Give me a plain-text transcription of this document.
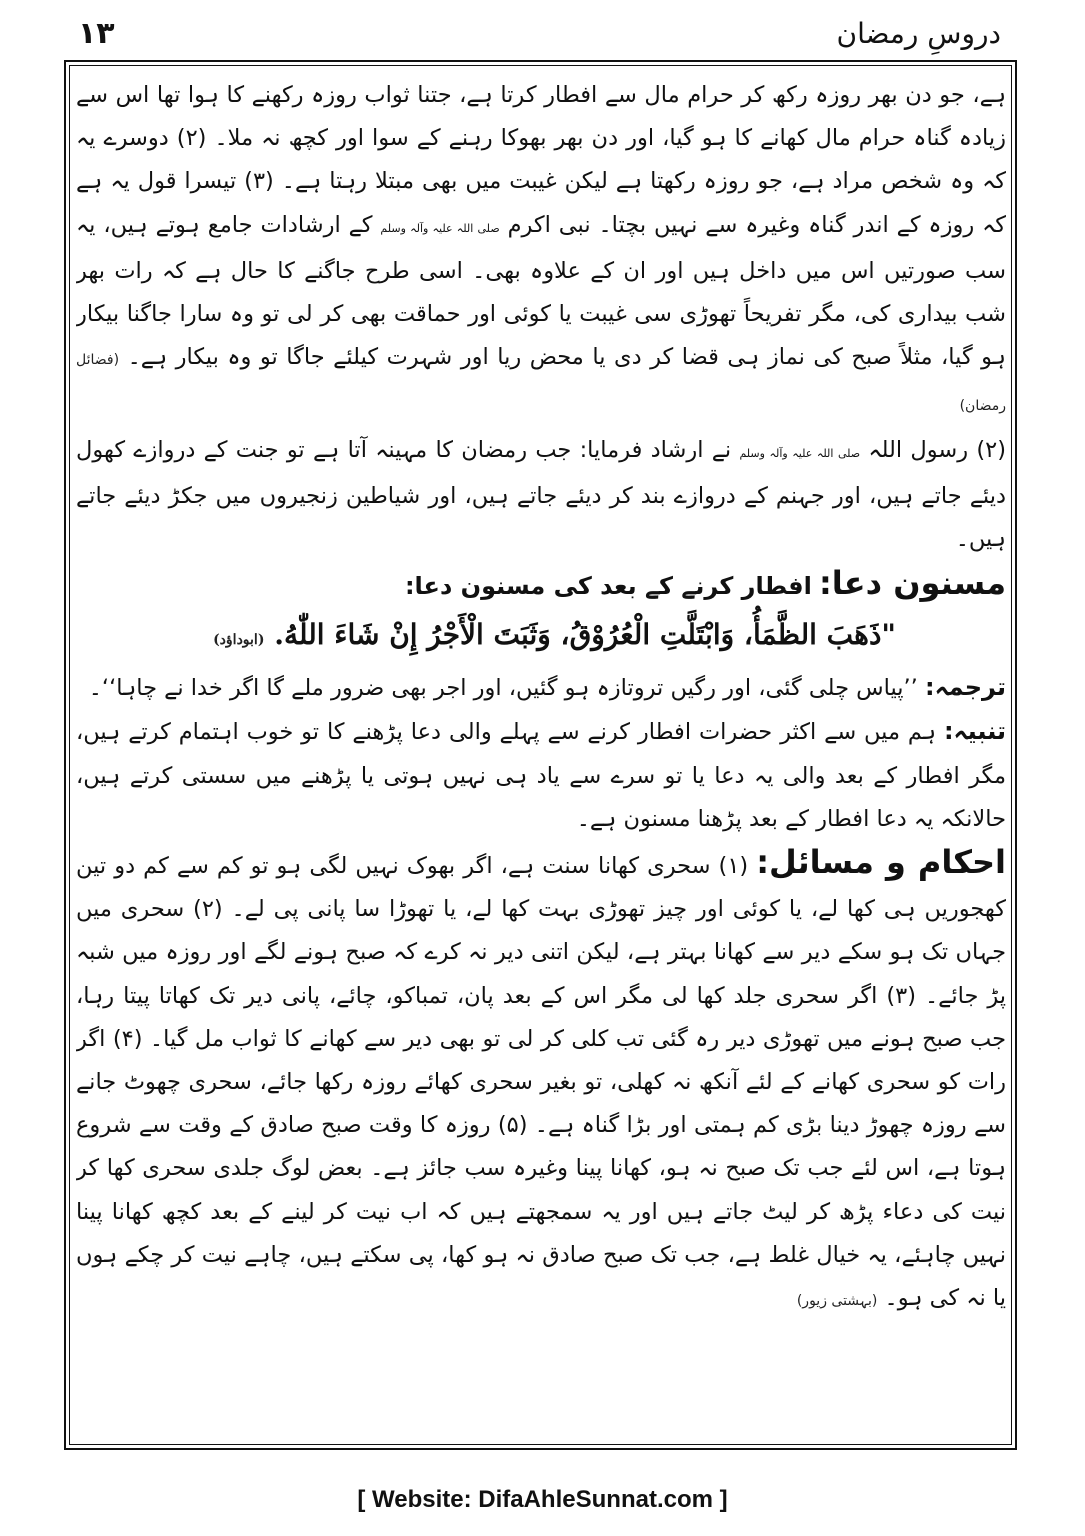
۱۳	دروسِ رمضان

ہے، جو دن بھر روزہ رکھ کر حرام مال سے افطار کرتا ہے، جتنا ثواب روزہ رکھنے کا ہوا تھا اس سے زیادہ گناہ حرام مال کھانے کا ہو گیا، اور دن بھر بھوکا رہنے کے سوا اور کچھ نہ ملا۔ (۲) دوسرے یہ کہ وہ شخص مراد ہے، جو روزہ رکھتا ہے لیکن غیبت میں بھی مبتلا رہتا ہے۔ (۳) تیسرا قول یہ ہے کہ روزہ کے اندر گناہ وغیرہ سے نہیں بچتا۔ نبی اکرم صلی اللہ علیہ وآلہ وسلم کے ارشادات جامع ہوتے ہیں، یہ سب صورتیں اس میں داخل ہیں اور ان کے علاوہ بھی۔ اسی طرح جاگنے کا حال ہے کہ رات بھر شب بیداری کی، مگر تفریحاً تھوڑی سی غیبت یا کوئی اور حماقت بھی کر لی تو وہ سارا جاگنا بیکار ہو گیا، مثلاً صبح کی نماز ہی قضا کر دی یا محض ریا اور شہرت کیلئے جاگا تو وہ بیکار ہے۔ (فضائل رمضان)

(۲) رسول اللہ صلی اللہ علیہ وآلہ وسلم نے ارشاد فرمایا: جب رمضان کا مہینہ آتا ہے تو جنت کے دروازے کھول دیئے جاتے ہیں، اور جہنم کے دروازے بند کر دیئے جاتے ہیں، اور شیاطین زنجیروں میں جکڑ دیئے جاتے ہیں۔

مسنون دعا: افطار کرنے کے بعد کی مسنون دعا:

"ذَهَبَ الظَّمَأُ، وَابْتَلَّتِ الْعُرُوْقُ، وَثَبَتَ الْأَجْرُ إِنْ شَاءَ اللّٰهُ. (ابوداؤد)

ترجمہ: ’’پیاس چلی گئی، اور رگیں تروتازہ ہو گئیں، اور اجر بھی ضرور ملے گا اگر خدا نے چاہا‘‘۔

تنبیہ: ہم میں سے اکثر حضرات افطار کرنے سے پہلے والی دعا پڑھنے کا تو خوب اہتمام کرتے ہیں، مگر افطار کے بعد والی یہ دعا یا تو سرے سے یاد ہی نہیں ہوتی یا پڑھنے میں سستی کرتے ہیں، حالانکہ یہ دعا افطار کے بعد پڑھنا مسنون ہے۔

احکام و مسائل: (۱) سحری کھانا سنت ہے، اگر بھوک نہیں لگی ہو تو کم سے کم دو تین کھجوریں ہی کھا لے، یا کوئی اور چیز تھوڑی بہت کھا لے، یا تھوڑا سا پانی پی لے۔ (۲) سحری میں جہاں تک ہو سکے دیر سے کھانا بہتر ہے، لیکن اتنی دیر نہ کرے کہ صبح ہونے لگے اور روزہ میں شبہ پڑ جائے۔ (۳) اگر سحری جلد کھا لی مگر اس کے بعد پان، تمباکو، چائے، پانی دیر تک کھاتا پیتا رہا، جب صبح ہونے میں تھوڑی دیر رہ گئی تب کلی کر لی تو بھی دیر سے کھانے کا ثواب مل گیا۔ (۴) اگر رات کو سحری کھانے کے لئے آنکھ نہ کھلی، تو بغیر سحری کھائے روزہ رکھا جائے، سحری چھوٹ جانے سے روزہ چھوڑ دینا بڑی کم ہمتی اور بڑا گناہ ہے۔ (۵) روزہ کا وقت صبح صادق کے وقت سے شروع ہوتا ہے، اس لئے جب تک صبح نہ ہو، کھانا پینا وغیرہ سب جائز ہے۔ بعض لوگ جلدی سحری کھا کر نیت کی دعاء پڑھ کر لیٹ جاتے ہیں اور یہ سمجھتے ہیں کہ اب نیت کر لینے کے بعد کچھ کھانا پینا نہیں چاہئے، یہ خیال غلط ہے، جب تک صبح صادق نہ ہو کھا، پی سکتے ہیں، چاہے نیت کر چکے ہوں یا نہ کی ہو۔ (بہشتی زیور)

[ Website: DifaAhleSunnat.com ]
